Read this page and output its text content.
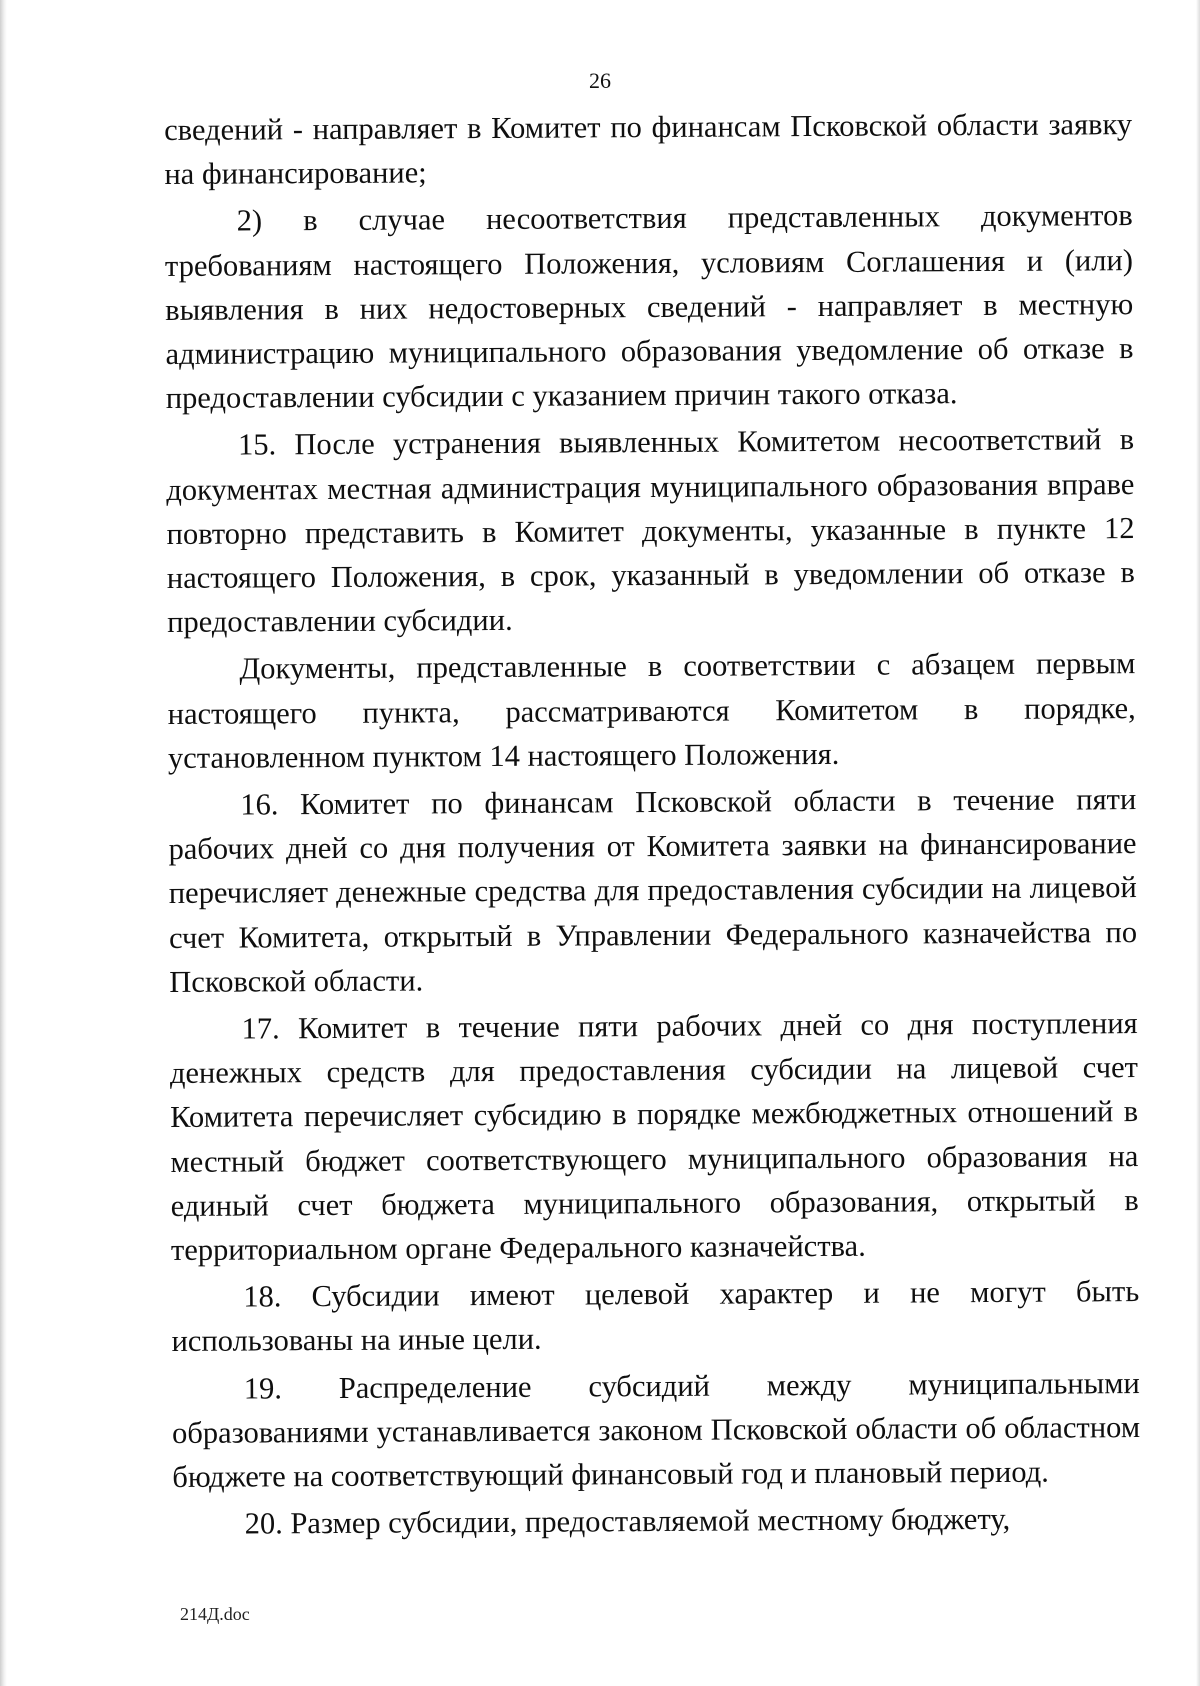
26

сведений - направляет в Комитет по финансам Псковской области заявку на финансирование;

2) в случае несоответствия представленных документов требованиям настоящего Положения, условиям Соглашения и (или) выявления в них недостоверных сведений - направляет в местную администрацию муниципального образования уведомление об отказе в предоставлении субсидии с указанием причин такого отказа.

15. После устранения выявленных Комитетом несоответствий в документах местная администрация муниципального образования вправе повторно представить в Комитет документы, указанные в пункте 12 настоящего Положения, в срок, указанный в уведомлении об отказе в предоставлении субсидии.

Документы, представленные в соответствии с абзацем первым настоящего пункта, рассматриваются Комитетом в порядке, установленном пунктом 14 настоящего Положения.

16. Комитет по финансам Псковской области в течение пяти рабочих дней со дня получения от Комитета заявки на финансирование перечисляет денежные средства для предоставления субсидии на лицевой счет Комитета, открытый в Управлении Федерального казначейства по Псковской области.

17. Комитет в течение пяти рабочих дней со дня поступления денежных средств для предоставления субсидии на лицевой счет Комитета перечисляет субсидию в порядке межбюджетных отношений в местный бюджет соответствующего муниципального образования на единый счет бюджета муниципального образования, открытый в территориальном органе Федерального казначейства.

18. Субсидии имеют целевой характер и не могут быть использованы на иные цели.

19. Распределение субсидий между муниципальными образованиями устанавливается законом Псковской области об областном бюджете на соответствующий финансовый год и плановый период.

20. Размер субсидии, предоставляемой местному бюджету,

214Д.doc
